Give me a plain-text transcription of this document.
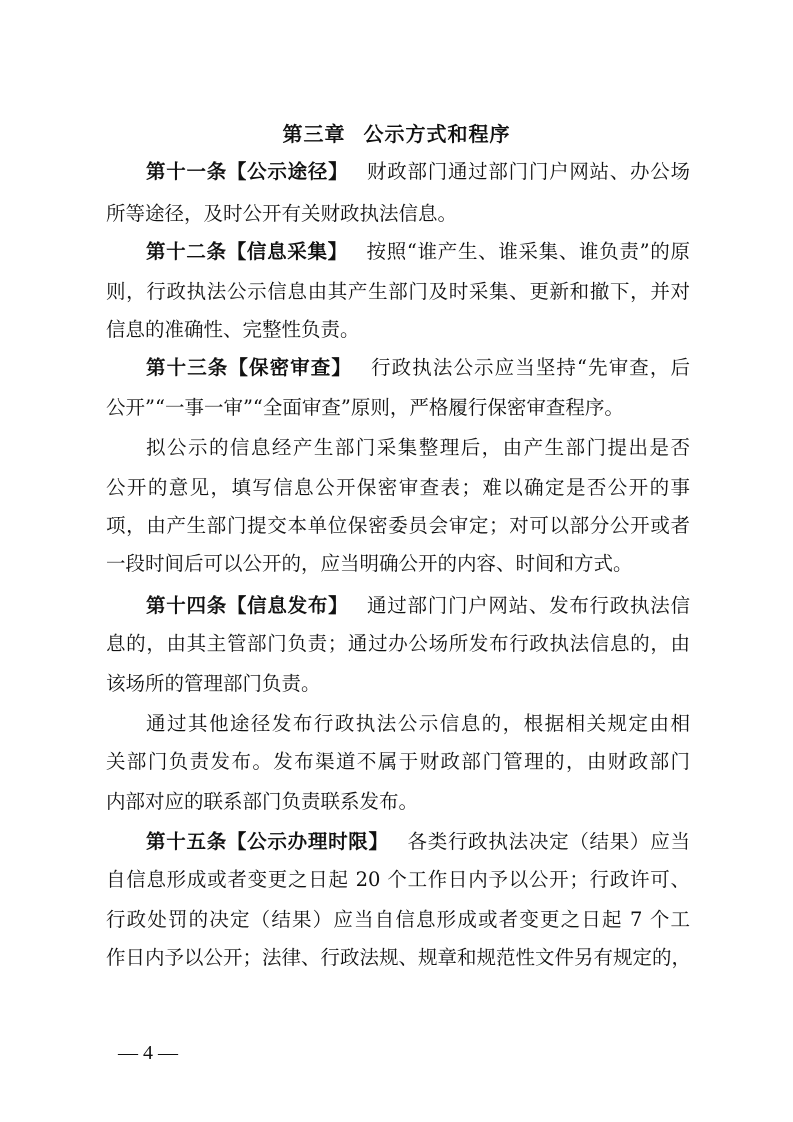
第三章 公示方式和程序
第十一条【公示途径】 财政部门通过部门门户网站、办公场
所等途径，及时公开有关财政执法信息。
第十二条【信息采集】 按照“谁产生、谁采集、谁负责”的原
则，行政执法公示信息由其产生部门及时采集、更新和撤下，并对
信息的准确性、完整性负责。
第十三条【保密审查】 行政执法公示应当坚持“先审查，后
公开”“一事一审”“全面审查”原则，严格履行保密审查程序。
拟公示的信息经产生部门采集整理后，由产生部门提出是否
公开的意见，填写信息公开保密审查表；难以确定是否公开的事
项，由产生部门提交本单位保密委员会审定；对可以部分公开或者
一段时间后可以公开的，应当明确公开的内容、时间和方式。
第十四条【信息发布】 通过部门门户网站、发布行政执法信
息的，由其主管部门负责；通过办公场所发布行政执法信息的，由
该场所的管理部门负责。
通过其他途径发布行政执法公示信息的，根据相关规定由相
关部门负责发布。发布渠道不属于财政部门管理的，由财政部门
内部对应的联系部门负责联系发布。
第十五条【公示办理时限】 各类行政执法决定（结果）应当
自信息形成或者变更之日起 20 个工作日内予以公开；行政许可、
行政处罚的决定（结果）应当自信息形成或者变更之日起 7 个工
作日内予以公开；法律、行政法规、规章和规范性文件另有规定的，
— 4 —
